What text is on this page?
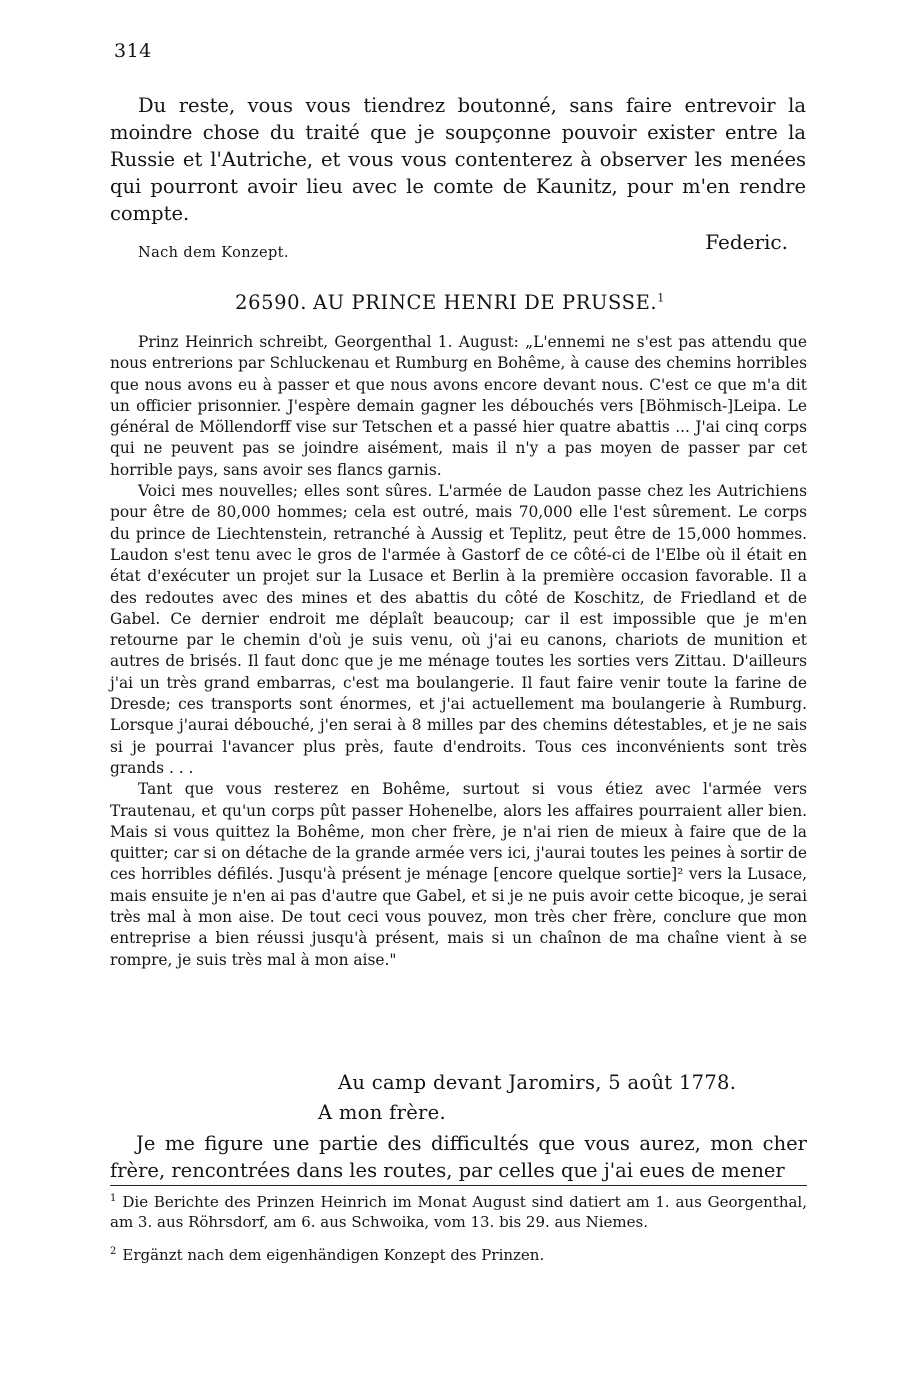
314

Du reste, vous vous tiendrez boutonné, sans faire entrevoir la moindre chose du traité que je soupçonne pouvoir exister entre la Russie et l'Autriche, et vous vous contenterez à observer les menées qui pourront avoir lieu avec le comte de Kaunitz, pour m'en rendre compte.

Nach dem Konzept.	Federic.
26590. AU PRINCE HENRI DE PRUSSE.$^1$

Prinz Heinrich schreibt, Georgenthal 1. August: „L'ennemi ne s'est pas attendu que nous entrerions par Schluckenau et Rumburg en Bohême, à cause des chemins horribles que nous avons eu à passer et que nous avons encore devant nous. C'est ce que m'a dit un officier prisonnier. J'espère demain gagner les débouchés vers [Böhmisch-]Leipa. Le général de Möllendorff vise sur Tetschen et a passé hier quatre abattis ... J'ai cinq corps qui ne peuvent pas se joindre aisément, mais il n'y a pas moyen de passer par cet horrible pays, sans avoir ses flancs garnis.

Voici mes nouvelles; elles sont sûres. L'armée de Laudon passe chez les Autrichiens pour être de 80,000 hommes; cela est outré, mais 70,000 elle l'est sûrement. Le corps du prince de Liechtenstein, retranché à Aussig et Teplitz, peut être de 15,000 hommes. Laudon s'est tenu avec le gros de l'armée à Gastorf de ce côté-ci de l'Elbe où il était en état d'exécuter un projet sur la Lusace et Berlin à la première occasion favorable. Il a des redoutes avec des mines et des abattis du côté de Koschitz, de Friedland et de Gabel. Ce dernier endroit me déplaît beaucoup; car il est impossible que je m'en retourne par le chemin d'où je suis venu, où j'ai eu canons, chariots de munition et autres de brisés. Il faut donc que je me ménage toutes les sorties vers Zittau. D'ailleurs j'ai un très grand embarras, c'est ma boulangerie. Il faut faire venir toute la farine de Dresde; ces transports sont énormes, et j'ai actuellement ma boulangerie à Rumburg. Lorsque j'aurai débouché, j'en serai à 8 milles par des chemins détestables, et je ne sais si je pourrai l'avancer plus près, faute d'endroits. Tous ces inconvénients sont très grands . . .

Tant que vous resterez en Bohême, surtout si vous étiez avec l'armée vers Trautenau, et qu'un corps pût passer Hohenelbe, alors les affaires pourraient aller bien. Mais si vous quittez la Bohême, mon cher frère, je n'ai rien de mieux à faire que de la quitter; car si on détache de la grande armée vers ici, j'aurai toutes les peines à sortir de ces horribles défilés. Jusqu'à présent je ménage [encore quelque sortie]² vers la Lusace, mais ensuite je n'en ai pas d'autre que Gabel, et si je ne puis avoir cette bicoque, je serai très mal à mon aise. De tout ceci vous pouvez, mon très cher frère, conclure que mon entreprise a bien réussi jusqu'à présent, mais si un chaînon de ma chaîne vient à se rompre, je suis très mal à mon aise."

Au camp devant Jaromirs, 5 août 1778.
A mon frère.

Je me figure une partie des difficultés que vous aurez, mon cher frère, rencontrées dans les routes, par celles que j'ai eues de mener

$^1$ Die Berichte des Prinzen Heinrich im Monat August sind datiert am 1. aus Georgenthal, am 3. aus Röhrsdorf, am 6. aus Schwoika, vom 13. bis 29. aus Niemes.

$^2$ Ergänzt nach dem eigenhändigen Konzept des Prinzen.
